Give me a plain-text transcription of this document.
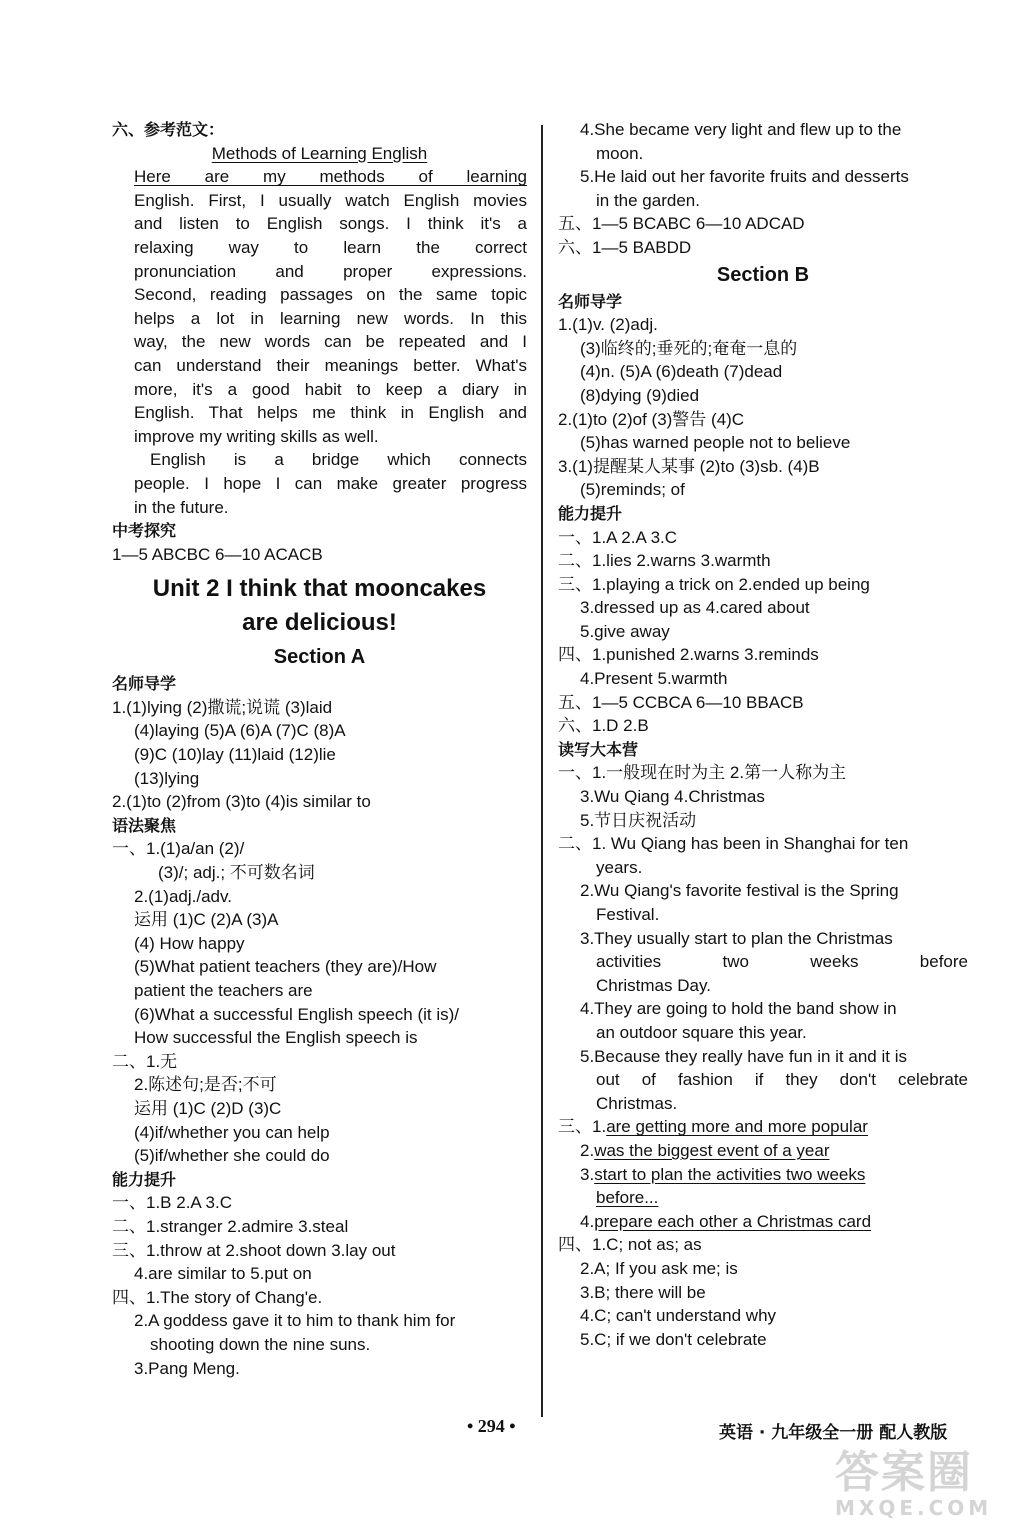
六、参考范文：
Methods of Learning English
Here are my methods of learning
English. First, I usually watch English movies
and listen to English songs. I think it's a
relaxing way to learn the correct
pronunciation and proper expressions.
Second, reading passages on the same topic
helps a lot in learning new words. In this
way, the new words can be repeated and I
can understand their meanings better. What's
more, it's a good habit to keep a diary in
English. That helps me think in English and
improve my writing skills as well.
English is a bridge which connects
people. I hope I can make greater progress
in the future.
中考探究
1—5 ABCBC 6—10 ACACB
Unit 2 I think that mooncakes
are delicious!
Section A
名师导学
1.(1)lying (2)撒谎;说谎 (3)laid
(4)laying (5)A (6)A (7)C (8)A
(9)C (10)lay (11)laid (12)lie
(13)lying
2.(1)to (2)from (3)to (4)is similar to
语法聚焦
一、1.(1)a/an (2)/
(3)/; adj.; 不可数名词
2.(1)adj./adv.
运用 (1)C (2)A (3)A
(4) How happy
(5)What patient teachers (they are)/How
patient the teachers are
(6)What a successful English speech (it is)/
How successful the English speech is
二、1.无
2.陈述句;是否;不可
运用 (1)C (2)D (3)C
(4)if/whether you can help
(5)if/whether she could do
能力提升
一、1.B 2.A 3.C
二、1.stranger 2.admire 3.steal
三、1.throw at 2.shoot down 3.lay out
4.are similar to 5.put on
四、1.The story of Chang'e.
2.A goddess gave it to him to thank him for
shooting down the nine suns.
3.Pang Meng.
4.She became very light and flew up to the
moon.
5.He laid out her favorite fruits and desserts
in the garden.
五、1—5 BCABC 6—10 ADCAD
六、1—5 BABDD
Section B
名师导学
1.(1)v. (2)adj.
(3)临终的;垂死的;奄奄一息的
(4)n. (5)A (6)death (7)dead
(8)dying (9)died
2.(1)to (2)of (3)警告 (4)C
(5)has warned people not to believe
3.(1)提醒某人某事 (2)to (3)sb. (4)B
(5)reminds; of
能力提升
一、1.A 2.A 3.C
二、1.lies 2.warns 3.warmth
三、1.playing a trick on 2.ended up being
3.dressed up as 4.cared about
5.give away
四、1.punished 2.warns 3.reminds
4.Present 5.warmth
五、1—5 CCBCA 6—10 BBACB
六、1.D 2.B
读写大本营
一、1.一般现在时为主 2.第一人称为主
3.Wu Qiang 4.Christmas
5.节日庆祝活动
二、1. Wu Qiang has been in Shanghai for ten
years.
2.Wu Qiang's favorite festival is the Spring
Festival.
3.They usually start to plan the Christmas
activities two weeks before
Christmas Day.
4.They are going to hold the band show in
an outdoor square this year.
5.Because they really have fun in it and it is
out of fashion if they don't celebrate
Christmas.
三、1.are getting more and more popular
2.was the biggest event of a year
3.start to plan the activities two weeks
before...
4.prepare each other a Christmas card
四、1.C; not as; as
2.A; If you ask me; is
3.B; there will be
4.C; can't understand why
5.C; if we don't celebrate
• 294 •	英语 · 九年级全一册 配人教版
答案圈
MXQE.COM
